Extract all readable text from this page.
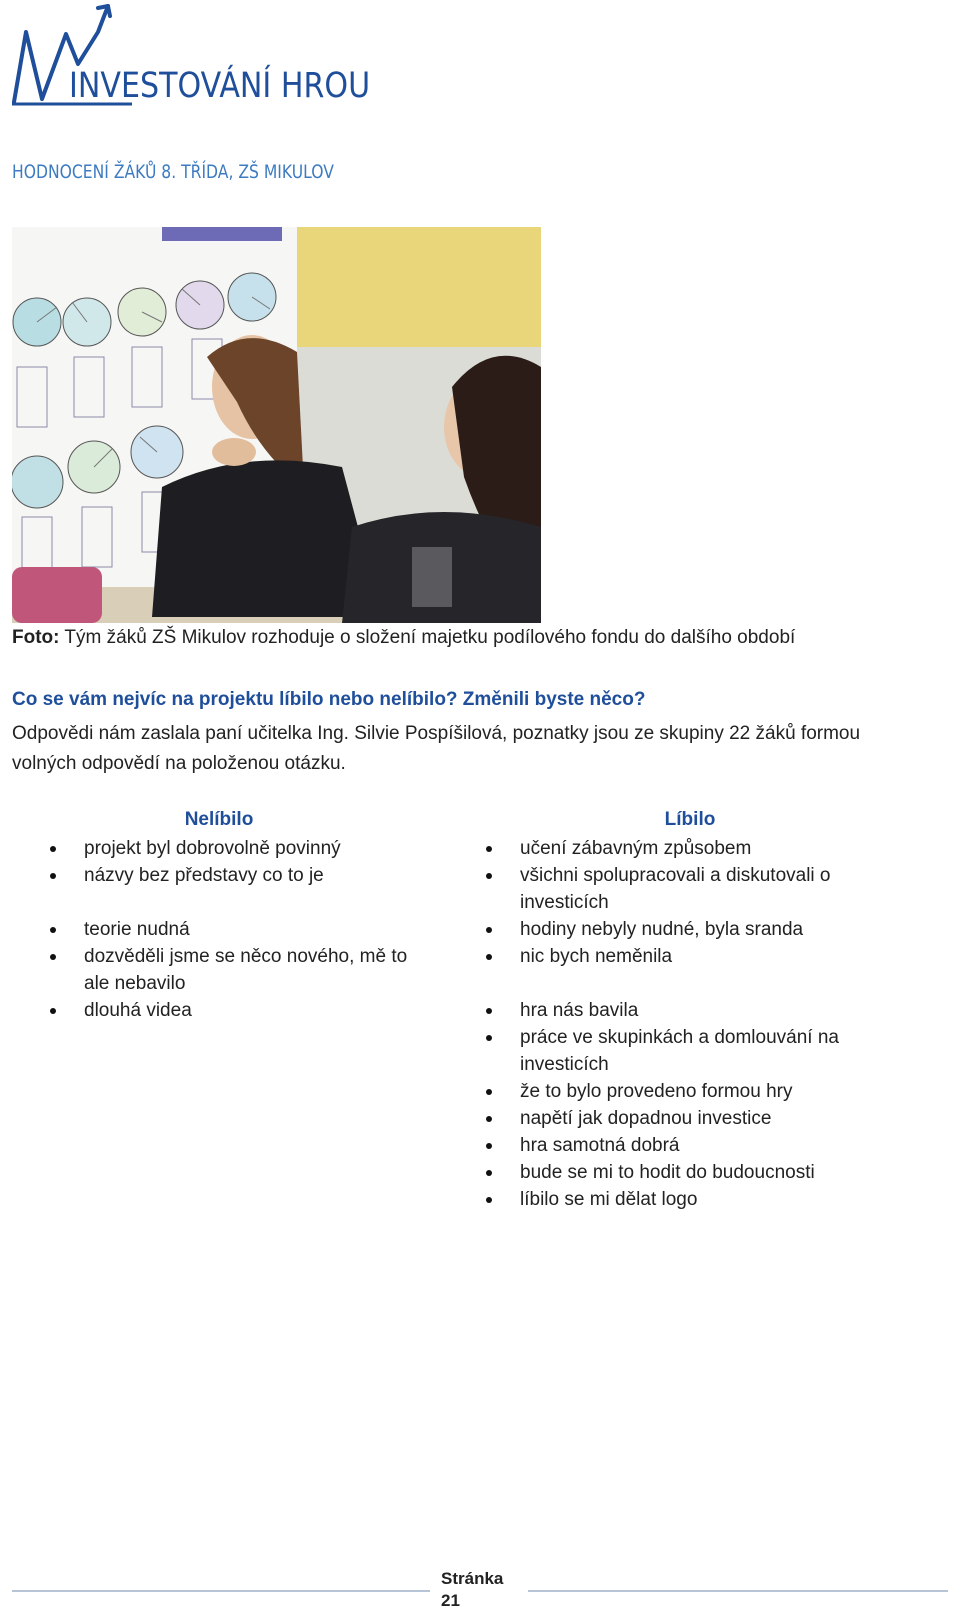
INVESTOVÁNÍ HROU
HODNOCENÍ ŽÁKŮ 8. TŘÍDA, ZŠ MIKULOV
Foto: Tým žáků ZŠ Mikulov rozhoduje o složení majetku podílového fondu do dalšího období
Co se vám nejvíc na projektu líbilo nebo nelíbilo? Změnili byste něco?
Odpovědi nám zaslala paní učitelka Ing. Silvie Pospíšilová, poznatky jsou ze skupiny 22 žáků formou volných odpovědí na položenou otázku.
Nelíbilo
projekt byl dobrovolně povinný
názvy bez představy co to je
teorie nudná
dozvěděli jsme se něco nového, mě to ale nebavilo
dlouhá videa
Líbilo
učení zábavným způsobem
všichni spolupracovali a diskutovali o investicích
hodiny nebyly nudné, byla sranda
nic bych neměnila
hra nás bavila
práce ve skupinkách a domlouvání na investicích
že to bylo provedeno formou hry
napětí jak dopadnou investice
hra samotná dobrá
bude se mi to hodit do budoucnosti
líbilo se mi dělat logo
Stránka
21
